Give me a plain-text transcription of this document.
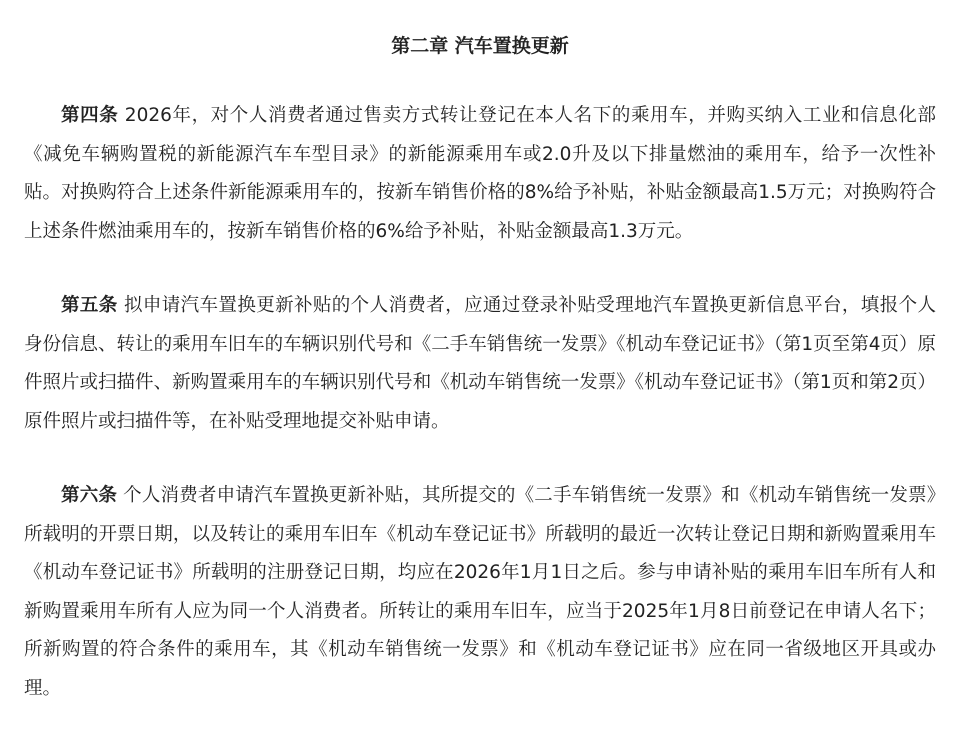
第二章 汽车置换更新

第四条 2026年，对个人消费者通过售卖方式转让登记在本人名下的乘用车，并购买纳入工业和信息化部《减免车辆购置税的新能源汽车车型目录》的新能源乘用车或2.0升及以下排量燃油的乘用车，给予一次性补贴。对换购符合上述条件新能源乘用车的，按新车销售价格的8%给予补贴，补贴金额最高1.5万元；对换购符合上述条件燃油乘用车的，按新车销售价格的6%给予补贴，补贴金额最高1.3万元。

第五条 拟申请汽车置换更新补贴的个人消费者，应通过登录补贴受理地汽车置换更新信息平台，填报个人身份信息、转让的乘用车旧车的车辆识别代号和《二手车销售统一发票》《机动车登记证书》（第1页至第4页）原件照片或扫描件、新购置乘用车的车辆识别代号和《机动车销售统一发票》《机动车登记证书》（第1页和第2页）原件照片或扫描件等，在补贴受理地提交补贴申请。

第六条 个人消费者申请汽车置换更新补贴，其所提交的《二手车销售统一发票》和《机动车销售统一发票》所载明的开票日期，以及转让的乘用车旧车《机动车登记证书》所载明的最近一次转让登记日期和新购置乘用车《机动车登记证书》所载明的注册登记日期，均应在2026年1月1日之后。参与申请补贴的乘用车旧车所有人和新购置乘用车所有人应为同一个人消费者。所转让的乘用车旧车，应当于2025年1月8日前登记在申请人名下；所新购置的符合条件的乘用车，其《机动车销售统一发票》和《机动车登记证书》应在同一省级地区开具或办理。
